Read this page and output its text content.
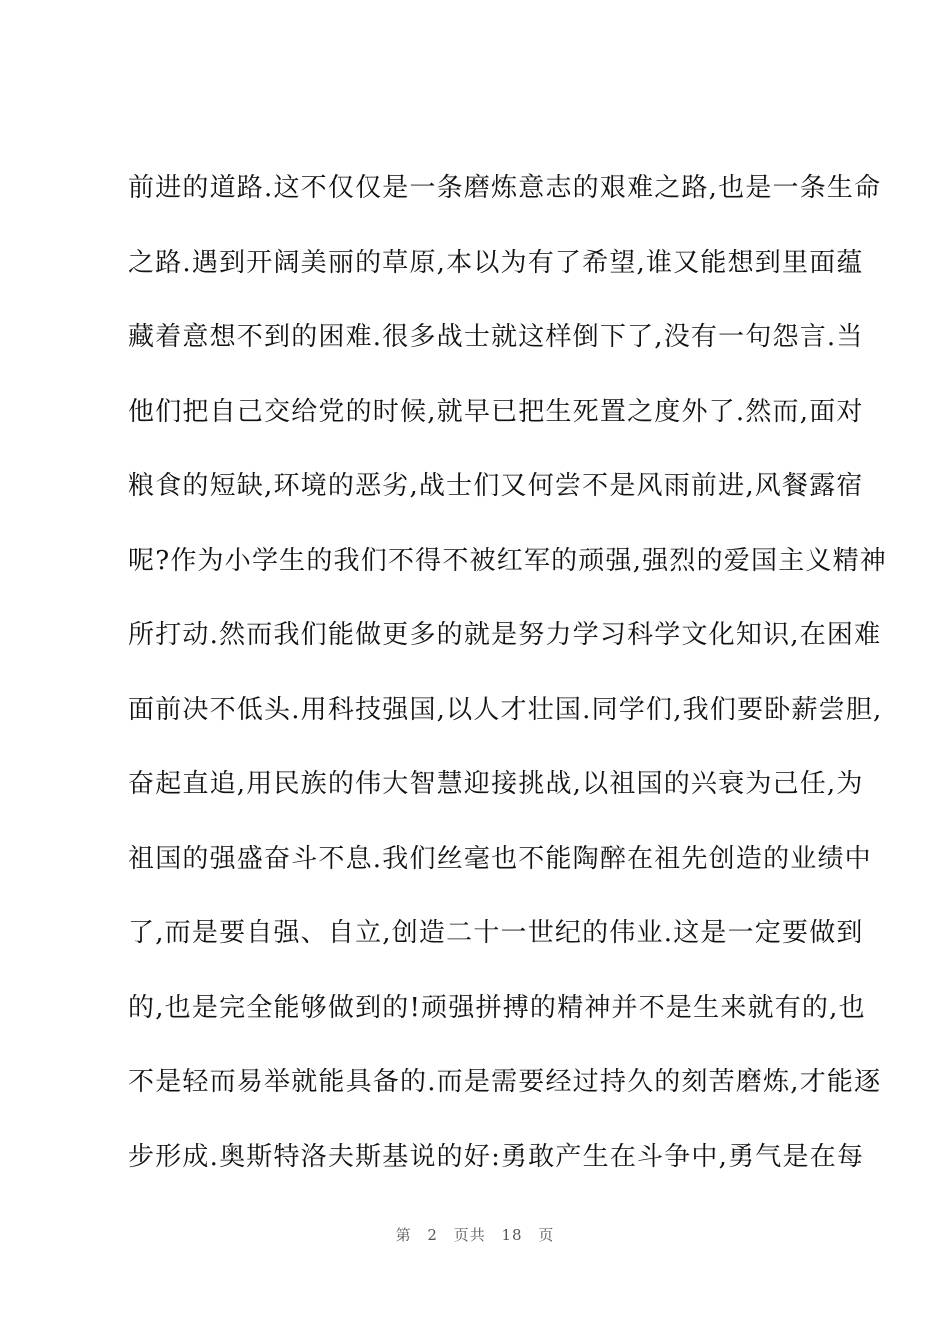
前进的道路.这不仅仅是一条磨炼意志的艰难之路,也是一条生命
之路.遇到开阔美丽的草原,本以为有了希望,谁又能想到里面蕴
藏着意想不到的困难.很多战士就这样倒下了,没有一句怨言.当
他们把自己交给党的时候,就早已把生死置之度外了.然而,面对
粮食的短缺,环境的恶劣,战士们又何尝不是风雨前进,风餐露宿
呢?作为小学生的我们不得不被红军的顽强,强烈的爱国主义精神
所打动.然而我们能做更多的就是努力学习科学文化知识,在困难
面前决不低头.用科技强国,以人才壮国.同学们,我们要卧薪尝胆,
奋起直追,用民族的伟大智慧迎接挑战,以祖国的兴衰为己任,为
祖国的强盛奋斗不息.我们丝毫也不能陶醉在祖先创造的业绩中
了,而是要自强、自立,创造二十一世纪的伟业.这是一定要做到
的,也是完全能够做到的!顽强拼搏的精神并不是生来就有的,也
不是轻而易举就能具备的.而是需要经过持久的刻苦磨炼,才能逐
步形成.奥斯特洛夫斯基说的好:勇敢产生在斗争中,勇气是在每
第 2 页共 18 页
